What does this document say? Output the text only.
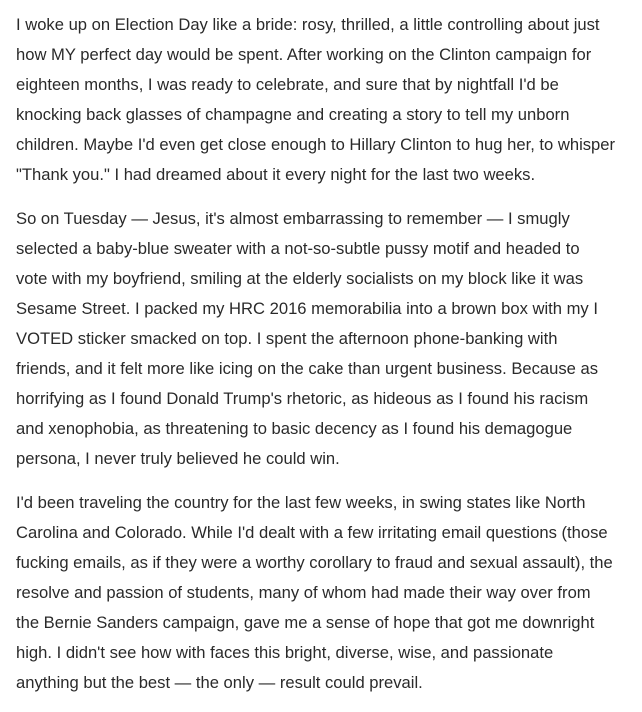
I woke up on Election Day like a bride: rosy, thrilled, a little controlling about just
how MY perfect day would be spent. After working on the Clinton campaign for
eighteen months, I was ready to celebrate, and sure that by nightfall I'd be
knocking back glasses of champagne and creating a story to tell my unborn
children. Maybe I'd even get close enough to Hillary Clinton to hug her, to whisper
"Thank you." I had dreamed about it every night for the last two weeks.

So on Tuesday — Jesus, it's almost embarrassing to remember — I smugly
selected a baby-blue sweater with a not-so-subtle pussy motif and headed to
vote with my boyfriend, smiling at the elderly socialists on my block like it was
Sesame Street. I packed my HRC 2016 memorabilia into a brown box with my I
VOTED sticker smacked on top. I spent the afternoon phone-banking with
friends, and it felt more like icing on the cake than urgent business. Because as
horrifying as I found Donald Trump's rhetoric, as hideous as I found his racism
and xenophobia, as threatening to basic decency as I found his demagogue
persona, I never truly believed he could win.

I'd been traveling the country for the last few weeks, in swing states like North
Carolina and Colorado. While I'd dealt with a few irritating email questions (those
fucking emails, as if they were a worthy corollary to fraud and sexual assault), the
resolve and passion of students, many of whom had made their way over from
the Bernie Sanders campaign, gave me a sense of hope that got me downright
high. I didn't see how with faces this bright, diverse, wise, and passionate
anything but the best — the only — result could prevail.
